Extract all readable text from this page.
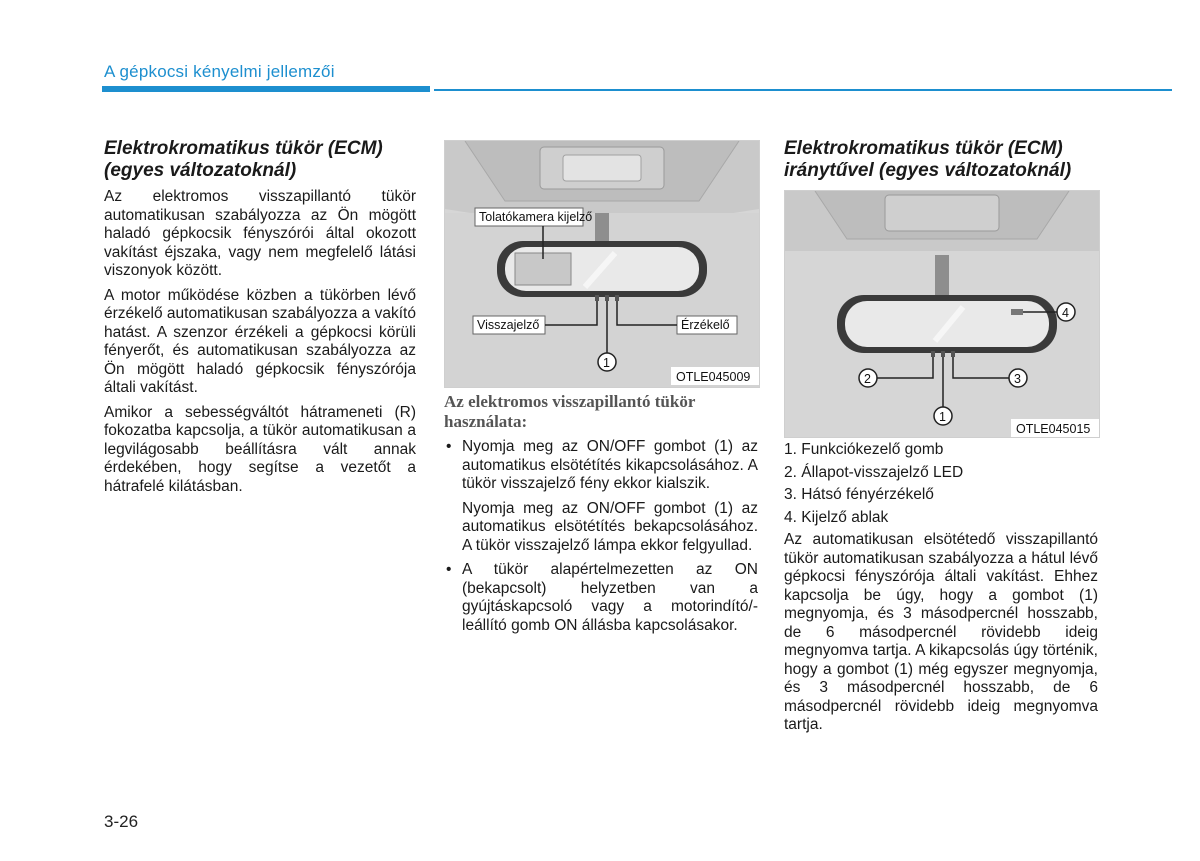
A gépkocsi kényelmi jellemzői
Elektrokromatikus tükör (ECM) (egyes változatoknál)

Az elektromos visszapillantó tükör automatikusan szabályozza az Ön mögött haladó gépkocsik fényszórói által okozott vakítást éjszaka, vagy nem megfelelő látási viszonyok között.

A motor működése közben a tükörben lévő érzékelő automatikusan szabályozza a vakító hatást. A szenzor érzékeli a gépkocsi körüli fényerőt, és automatikusan szabályozza az Ön mögött haladó gépkocsik fényszórója általi vakítást.

Amikor a sebességváltót hátrameneti (R) fokozatba kapcsolja, a tükör automatikusan a legvilágosabb beállításra vált annak érdekében, hogy segítse a vezetőt a hátrafelé kilátásban.

Tolatókamera kijelző
Visszajelző	Érzékelő
1
OTLE045009
Az elektromos visszapillantó tükör használata:
• Nyomja meg az ON/OFF gombot (1) az automatikus elsötétítés kikapcsolásához. A tükör visszajelző fény ekkor kialszik.
Nyomja meg az ON/OFF gombot (1) az automatikus elsötétítés bekapcsolásához. A tükör visszajelző lámpa ekkor felgyullad.
• A tükör alapértelmezetten az ON (bekapcsolt) helyzetben van a gyújtáskapcsoló vagy a motorindító/-leállító gomb ON állásba kapcsolásakor.
Elektrokromatikus tükör (ECM) iránytűvel (egyes változatoknál)
4
2	3
1
OTLE045015
1. Funkciókezelő gomb
2. Állapot-visszajelző LED
3. Hátsó fényérzékelő
4. Kijelző ablak

Az automatikusan elsötétedő visszapillantó tükör automatikusan szabályozza a hátul lévő gépkocsi fényszórója általi vakítást. Ehhez kapcsolja be úgy, hogy a gombot (1) megnyomja, és 3 másodpercnél hosszabb, de 6 másodpercnél rövidebb ideig megnyomva tartja. A kikapcsolás úgy történik, hogy a gombot (1) még egyszer megnyomja, és 3 másodpercnél hosszabb, de 6 másodpercnél rövidebb ideig megnyomva tartja.

3-26
